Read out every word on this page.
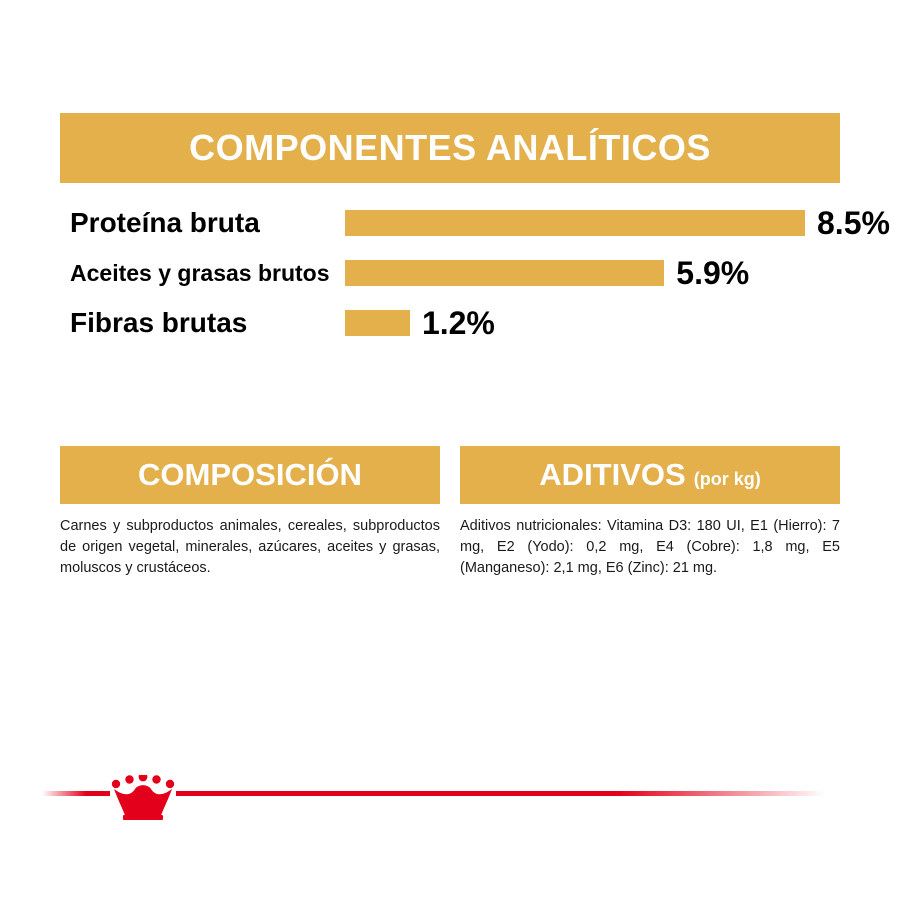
COMPONENTES ANALÍTICOS
Proteína bruta	8.5%
Aceites y grasas brutos	5.9%
Fibras brutas	1.2%
COMPOSICIÓN
Carnes y subproductos animales, cereales, subproductos de origen vegetal, minerales, azúcares, aceites y grasas, moluscos y crustáceos.
ADITIVOS (por kg)
Aditivos nutricionales: Vitamina D3: 180 UI, E1 (Hierro): 7 mg, E2 (Yodo): 0,2 mg, E4 (Cobre): 1,8 mg, E5 (Manganeso): 2,1 mg, E6 (Zinc): 21 mg.
